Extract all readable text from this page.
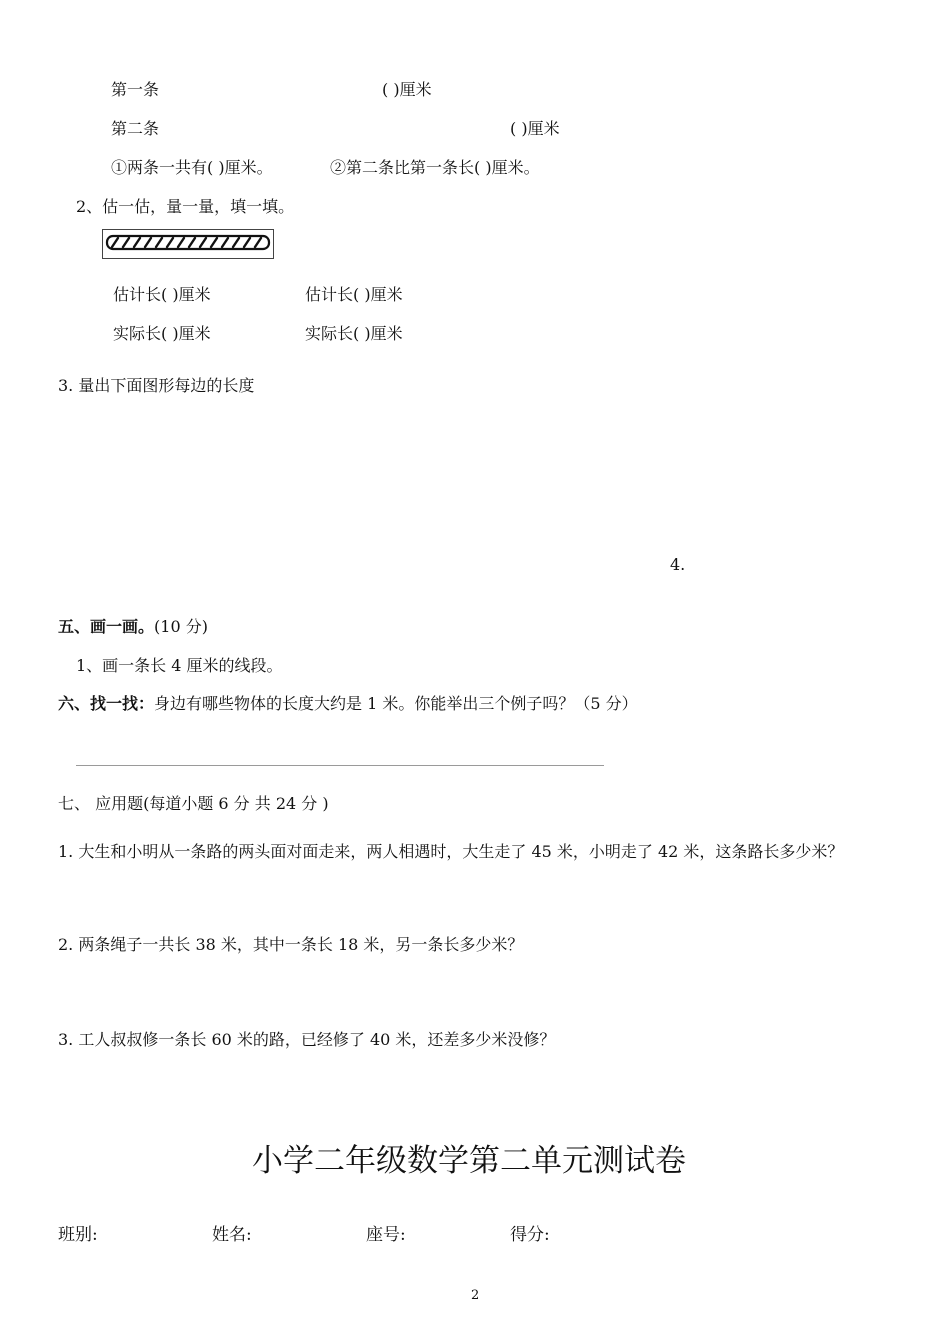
第一条	( )厘米
第二条	( )厘米
①两条一共有( )厘米。	②第二条比第一条长( )厘米。
2、估一估，量一量，填一填。
估计长( )厘米	估计长( )厘米
实际长( )厘米	实际长( )厘米
3. 量出下面图形每边的长度
4.
五、画一画。(10 分)
1、画一条长 4 厘米的线段。
六、找一找：身边有哪些物体的长度大约是 1 米。你能举出三个例子吗？（5 分）
七、 应用题(每道小题 6 分 共 24 分 )
1. 大生和小明从一条路的两头面对面走来，两人相遇时，大生走了 45 米，小明走了 42 米，这条路长多少米？
2. 两条绳子一共长 38 米，其中一条长 18 米，另一条长多少米？
3. 工人叔叔修一条长 60 米的路，已经修了 40 米，还差多少米没修？
小学二年级数学第二单元测试卷
班别:	姓名:	座号:	得分:
2
